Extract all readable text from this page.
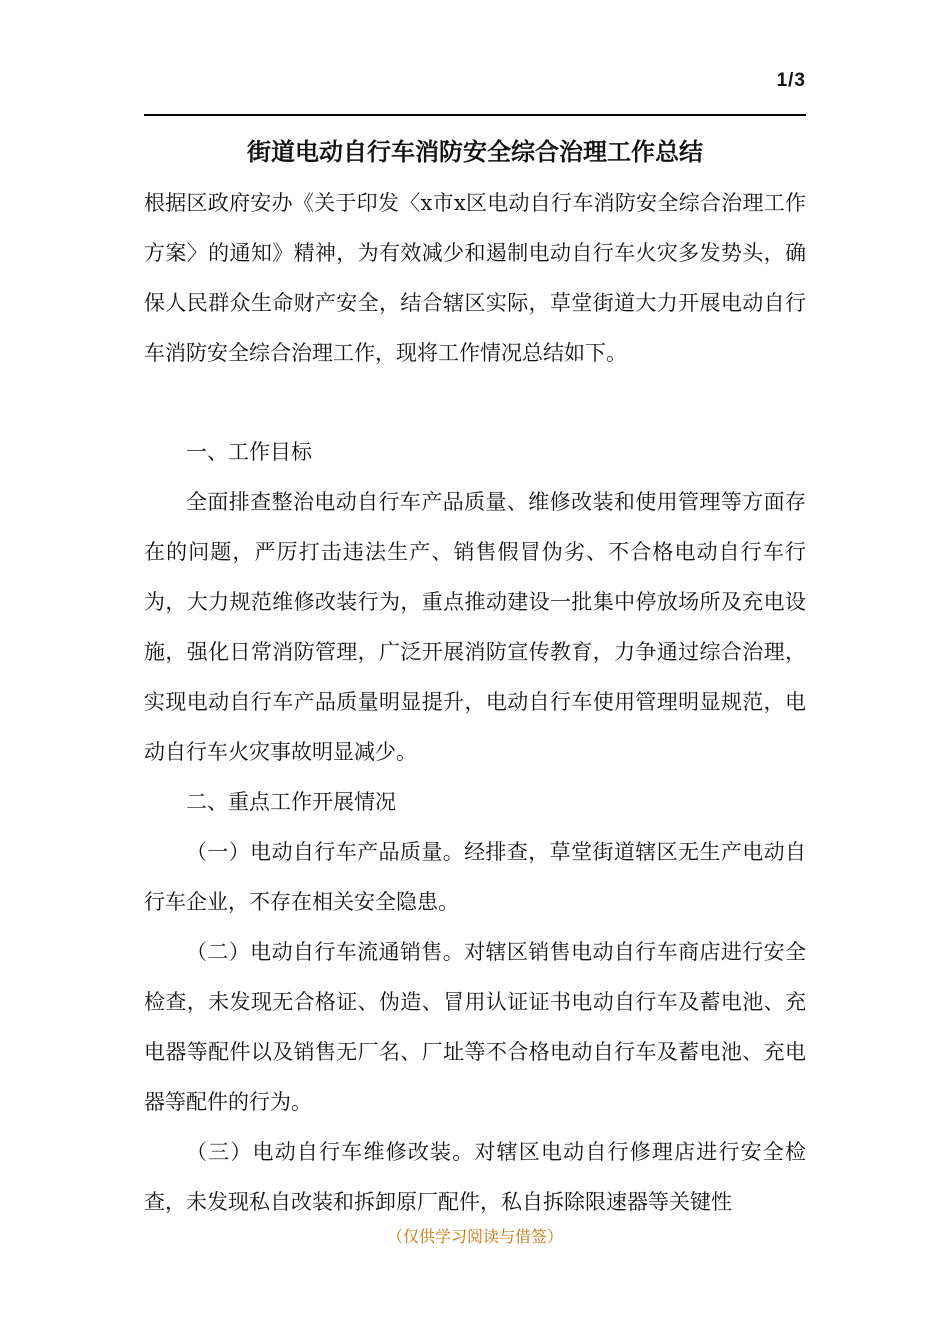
1/3
街道电动自行车消防安全综合治理工作总结

根据区政府安办《关于印发〈x市x区电动自行车消防安全综合治理工作方案〉的通知》精神，为有效减少和遏制电动自行车火灾多发势头，确保人民群众生命财产安全，结合辖区实际，草堂街道大力开展电动自行车消防安全综合治理工作，现将工作情况总结如下。

一、工作目标

全面排查整治电动自行车产品质量、维修改装和使用管理等方面存在的问题，严厉打击违法生产、销售假冒伪劣、不合格电动自行车行为，大力规范维修改装行为，重点推动建设一批集中停放场所及充电设施，强化日常消防管理，广泛开展消防宣传教育，力争通过综合治理，实现电动自行车产品质量明显提升，电动自行车使用管理明显规范，电动自行车火灾事故明显减少。

二、重点工作开展情况

（一）电动自行车产品质量。经排查，草堂街道辖区无生产电动自行车企业，不存在相关安全隐患。

（二）电动自行车流通销售。对辖区销售电动自行车商店进行安全检查，未发现无合格证、伪造、冒用认证证书电动自行车及蓄电池、充电器等配件以及销售无厂名、厂址等不合格电动自行车及蓄电池、充电器等配件的行为。

（三）电动自行车维修改装。对辖区电动自行修理店进行安全检查，未发现私自改装和拆卸原厂配件，私自拆除限速器等关键性

（仅供学习阅读与借签）
